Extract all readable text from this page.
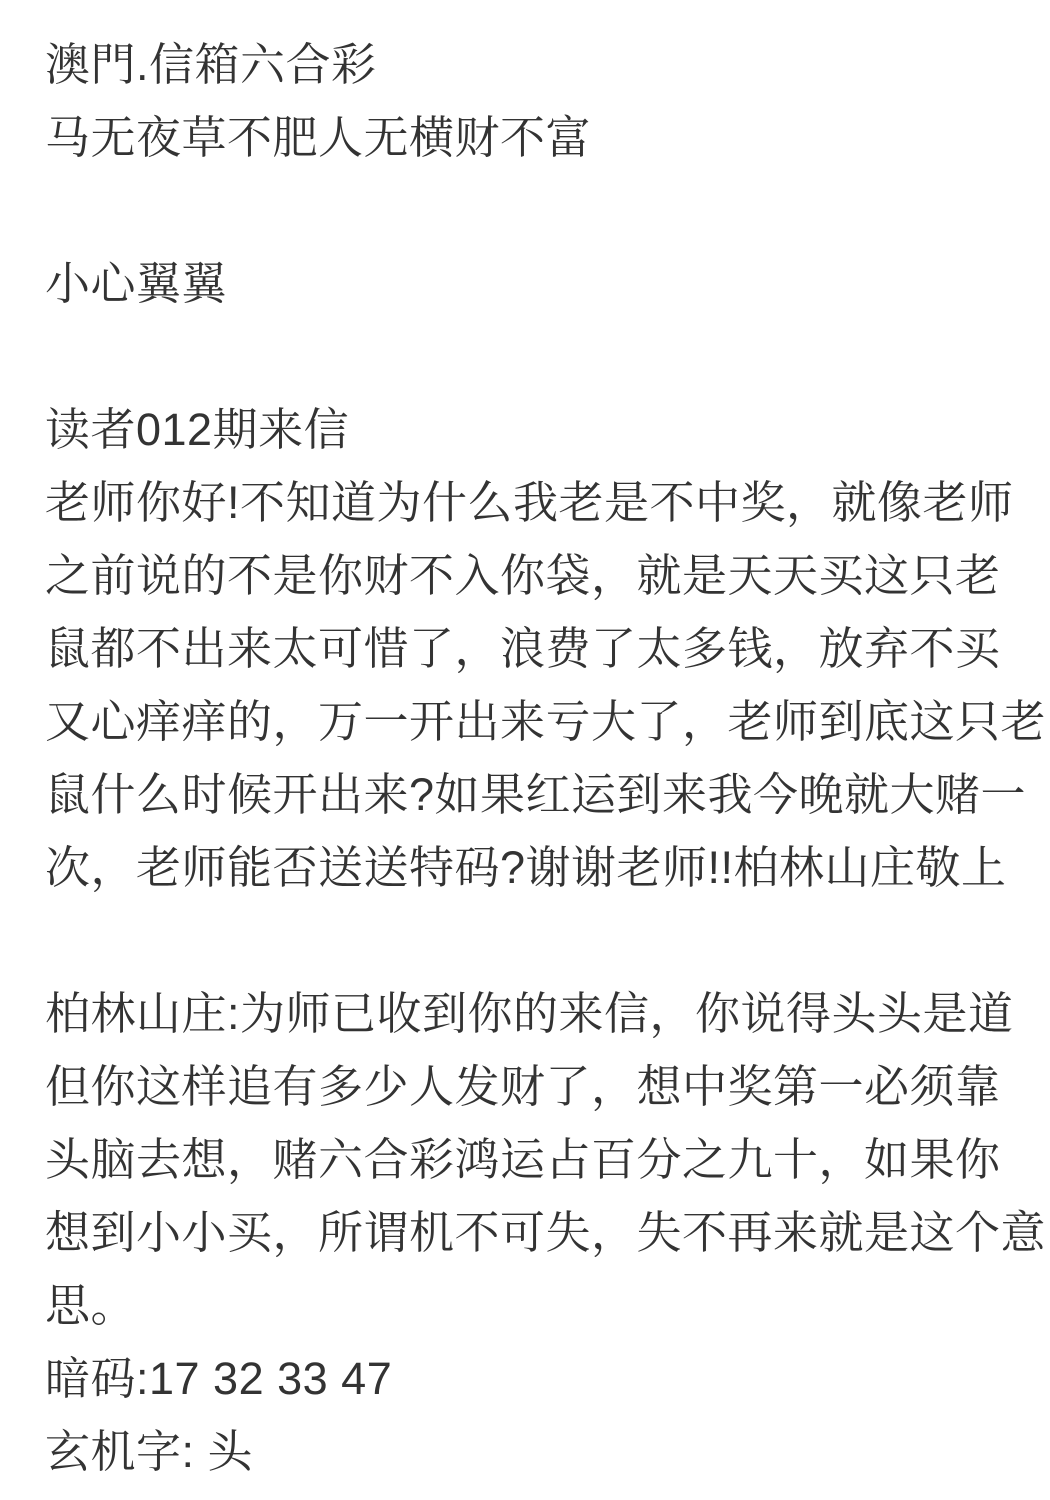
澳門.信箱六合彩
马无夜草不肥人无横财不富
小心翼翼
读者012期来信
老师你好!不知道为什么我老是不中奖，就像老师
之前说的不是你财不入你袋，就是天天买这只老
鼠都不出来太可惜了，浪费了太多钱，放弃不买
又心痒痒的，万一开出来亏大了，老师到底这只老
鼠什么时候开出来?如果红运到来我今晚就大赌一
次，老师能否送送特码?谢谢老师!!柏林山庄敬上
柏林山庄:为师已收到你的来信，你说得头头是道
但你这样追有多少人发财了，想中奖第一必须靠
头脑去想，赌六合彩鸿运占百分之九十，如果你
想到小小买，所谓机不可失，失不再来就是这个意
思。
暗码:17 32 33 47
玄机字: 头
